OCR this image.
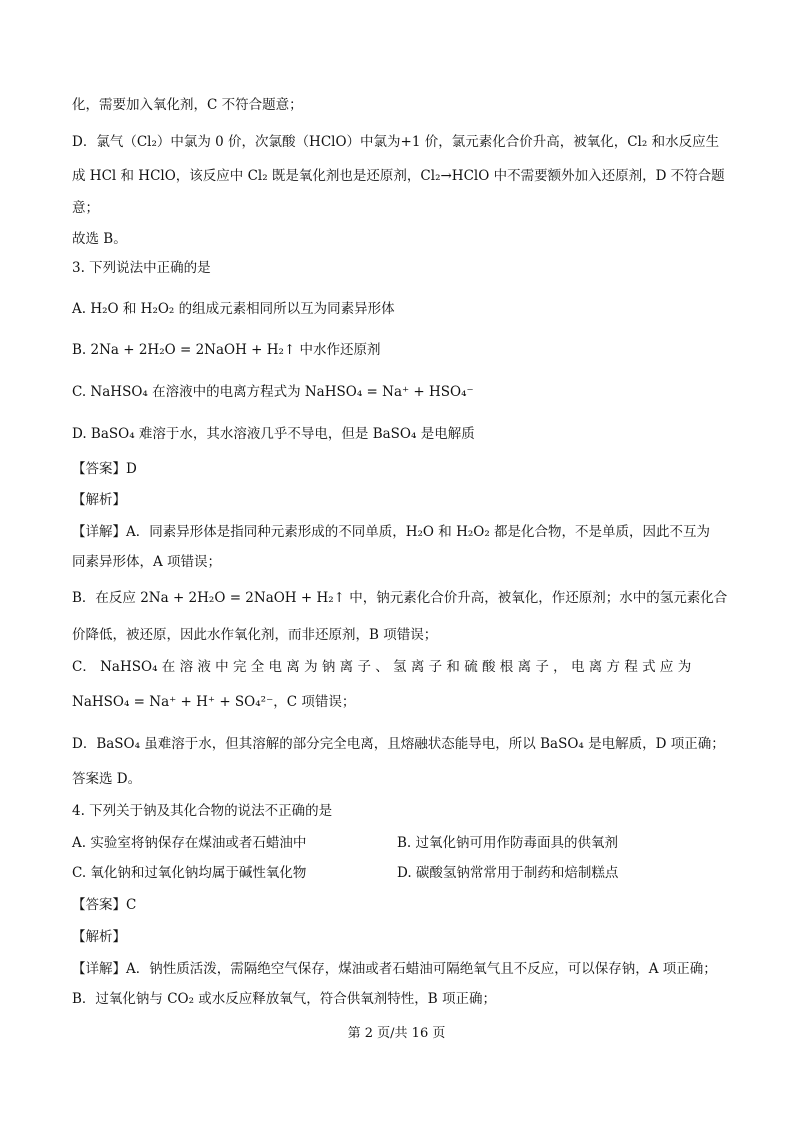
化，需要加入氧化剂，C 不符合题意；
D．氯气（Cl₂）中氯为 0 价，次氯酸（HClO）中氯为+1 价，氯元素化合价升高，被氧化，Cl₂ 和水反应生
成 HCl 和 HClO，该反应中 Cl₂ 既是氧化剂也是还原剂，Cl₂→HClO 中不需要额外加入还原剂，D 不符合题
意；
故选 B。
3. 下列说法中正确的是
A. H₂O 和 H₂O₂ 的组成元素相同所以互为同素异形体
B. 2Na + 2H₂O = 2NaOH + H₂↑ 中水作还原剂
C. NaHSO₄ 在溶液中的电离方程式为 NaHSO₄ = Na⁺ + HSO₄⁻
D. BaSO₄ 难溶于水，其水溶液几乎不导电，但是 BaSO₄ 是电解质
【答案】D
【解析】
【详解】A．同素异形体是指同种元素形成的不同单质，H₂O 和 H₂O₂ 都是化合物，不是单质，因此不互为
同素异形体，A 项错误；
B．在反应 2Na + 2H₂O = 2NaOH + H₂↑ 中，钠元素化合价升高，被氧化，作还原剂；水中的氢元素化合
价降低，被还原，因此水作氧化剂，而非还原剂，B 项错误；
C． NaHSO₄ 在 溶 液 中 完 全 电 离 为 钠 离 子 、 氢 离 子 和 硫 酸 根 离 子 ， 电 离 方 程 式 应 为
NaHSO₄ = Na⁺ + H⁺ + SO₄²⁻，C 项错误；
D．BaSO₄ 虽难溶于水，但其溶解的部分完全电离，且熔融状态能导电，所以 BaSO₄ 是电解质，D 项正确；
答案选 D。
4. 下列关于钠及其化合物的说法不正确的是
A. 实验室将钠保存在煤油或者石蜡油中	B. 过氧化钠可用作防毒面具的供氧剂
C. 氧化钠和过氧化钠均属于碱性氧化物	D. 碳酸氢钠常常用于制药和焙制糕点
【答案】C
【解析】
【详解】A．钠性质活泼，需隔绝空气保存，煤油或者石蜡油可隔绝氧气且不反应，可以保存钠，A 项正确；
B．过氧化钠与 CO₂ 或水反应释放氧气，符合供氧剂特性，B 项正确；
第 2 页/共 16 页
